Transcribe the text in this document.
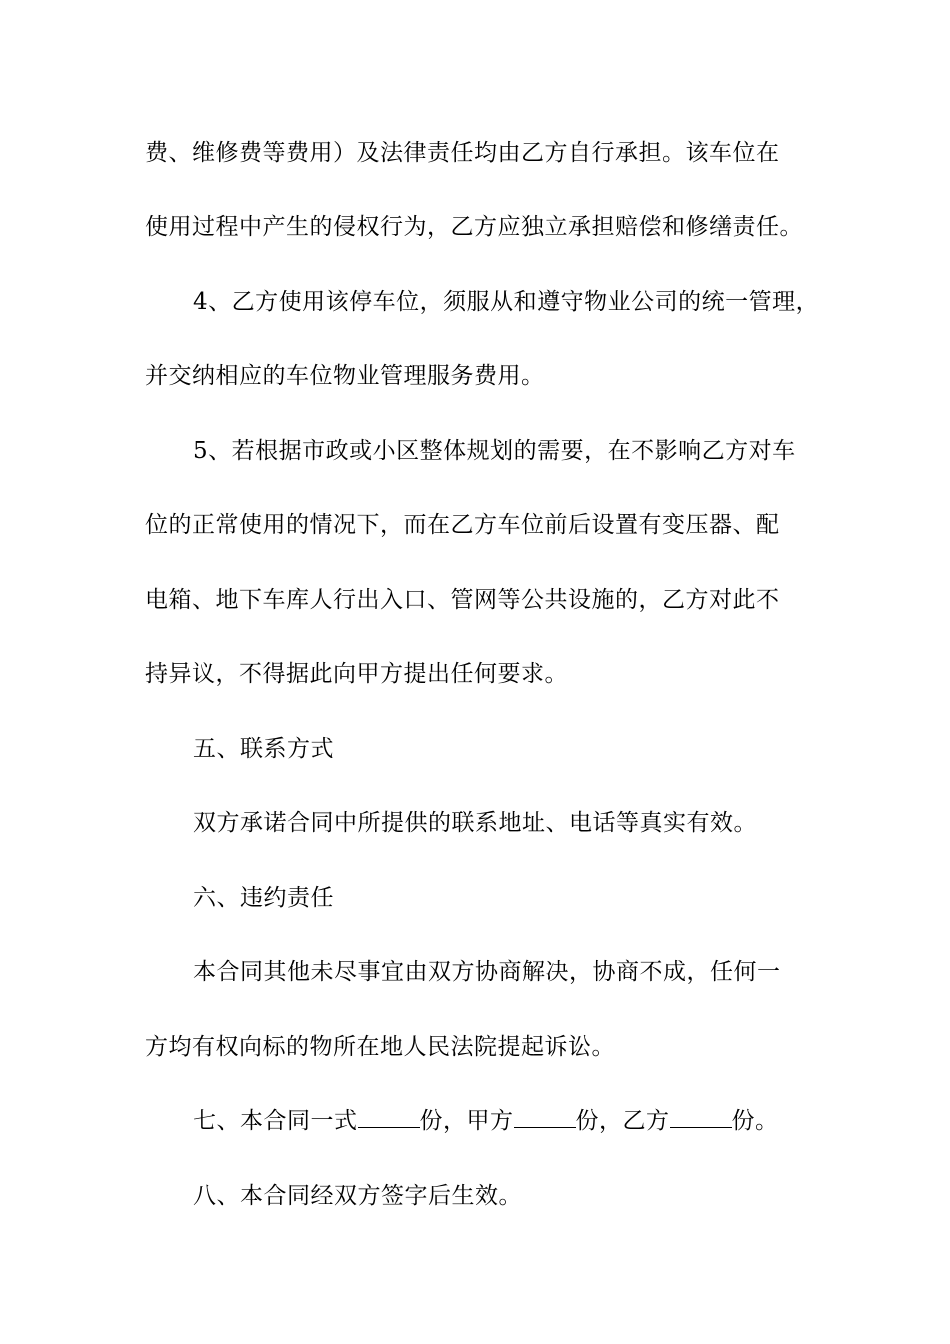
费、维修费等费用）及法律责任均由乙方自行承担。该车位在
使用过程中产生的侵权行为，乙方应独立承担赔偿和修缮责任。
4、乙方使用该停车位，须服从和遵守物业公司的统一管理，
并交纳相应的车位物业管理服务费用。
5、若根据市政或小区整体规划的需要，在不影响乙方对车
位的正常使用的情况下，而在乙方车位前后设置有变压器、配
电箱、地下车库人行出入口、管网等公共设施的，乙方对此不
持异议，不得据此向甲方提出任何要求。
五、联系方式
双方承诺合同中所提供的联系地址、电话等真实有效。
六、违约责任
本合同其他未尽事宜由双方协商解决，协商不成，任何一
方均有权向标的物所在地人民法院提起诉讼。
七、本合同一式	份，甲方	份，乙方	份。
八、本合同经双方签字后生效。
